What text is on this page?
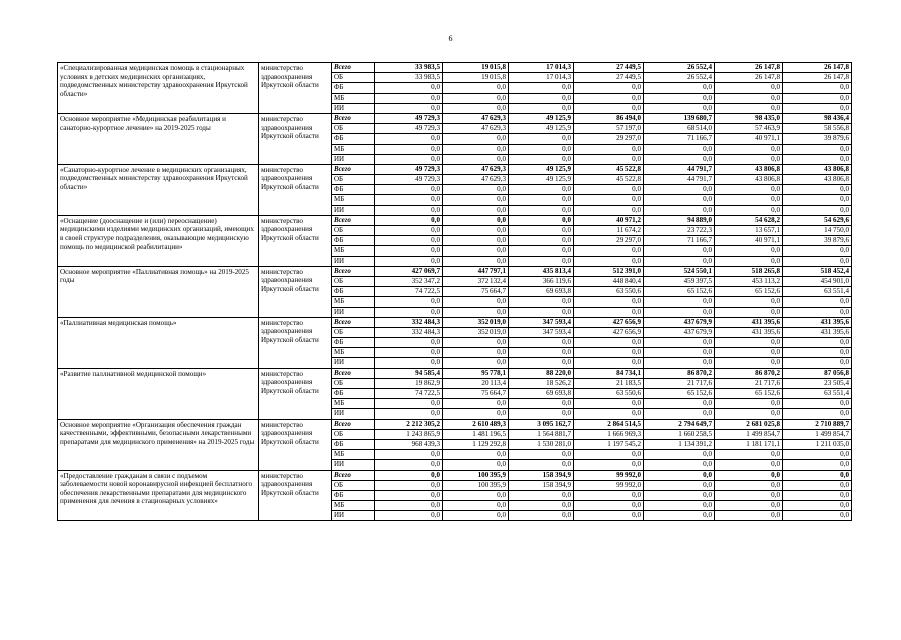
6
«Специализированная медицинская помощь в стационарных условиях в детских медицинских организациях, подведомственных министерству здравоохранения Иркутской области»	министерство здравоохранения Иркутской области	Всего	33 983,5	19 015,8	17 014,3	27 449,5	26 552,4	26 147,8	26 147,8
		ОБ	33 983,5	19 015,8	17 014,3	27 449,5	26 552,4	26 147,8	26 147,8
		ФБ	0,0	0,0	0,0	0,0	0,0	0,0	0,0
		МБ	0,0	0,0	0,0	0,0	0,0	0,0	0,0
		ИИ	0,0	0,0	0,0	0,0	0,0	0,0	0,0
Основное мероприятие «Медицинская реабилитация и санаторно-курортное лечение» на 2019-2025 годы	министерство здравоохранения Иркутской области	Всего	49 729,3	47 629,3	49 125,9	86 494,0	139 680,7	98 435,0	98 436,4
		ОБ	49 729,3	47 629,3	49 125,9	57 197,0	68 514,0	57 463,9	58 556,8
		ФБ	0,0	0,0	0,0	29 297,0	71 166,7	40 971,1	39 879,6
		МБ	0,0	0,0	0,0	0,0	0,0	0,0	0,0
		ИИ	0,0	0,0	0,0	0,0	0,0	0,0	0,0
«Санаторно-курортное лечение в медицинских организациях, подведомственных министерству здравоохранения Иркутской области»	министерство здравоохранения Иркутской области	Всего	49 729,3	47 629,3	49 125,9	45 522,8	44 791,7	43 806,8	43 806,8
		ОБ	49 729,3	47 629,3	49 125,9	45 522,8	44 791,7	43 806,8	43 806,8
		ФБ	0,0	0,0	0,0	0,0	0,0	0,0	0,0
		МБ	0,0	0,0	0,0	0,0	0,0	0,0	0,0
		ИИ	0,0	0,0	0,0	0,0	0,0	0,0	0,0
«Оснащение (дооснащение и (или) переоснащение) медицинскими изделиями медицинских организаций, имеющих в своей структуре подразделения, оказывающие медицинскую помощь по медицинской реабилитации»	министерство здравоохранения Иркутской области	Всего	0,0	0,0	0,0	40 971,2	94 889,0	54 628,2	54 629,6
		ОБ	0,0	0,0	0,0	11 674,2	23 722,3	13 657,1	14 750,0
		ФБ	0,0	0,0	0,0	29 297,0	71 166,7	40 971,1	39 879,6
		МБ	0,0	0,0	0,0	0,0	0,0	0,0	0,0
		ИИ	0,0	0,0	0,0	0,0	0,0	0,0	0,0
Основное мероприятие «Паллиативная помощь» на 2019-2025 годы	министерство здравоохранения Иркутской области	Всего	427 069,7	447 797,1	435 813,4	512 391,0	524 550,1	518 265,8	518 452,4
		ОБ	352 347,2	372 132,4	366 119,6	448 840,4	459 397,5	453 113,2	454 901,0
		ФБ	74 722,5	75 664,7	69 693,8	63 550,6	65 152,6	65 152,6	63 551,4
		МБ	0,0	0,0	0,0	0,0	0,0	0,0	0,0
		ИИ	0,0	0,0	0,0	0,0	0,0	0,0	0,0
«Паллиативная медицинская помощь»	министерство здравоохранения Иркутской области	Всего	332 484,3	352 019,0	347 593,4	427 656,9	437 679,9	431 395,6	431 395,6
		ОБ	332 484,3	352 019,0	347 593,4	427 656,9	437 679,9	431 395,6	431 395,6
		ФБ	0,0	0,0	0,0	0,0	0,0	0,0	0,0
		МБ	0,0	0,0	0,0	0,0	0,0	0,0	0,0
		ИИ	0,0	0,0	0,0	0,0	0,0	0,0	0,0
«Развитие паллиативной медицинской помощи»	министерство здравоохранения Иркутской области	Всего	94 585,4	95 778,1	88 220,0	84 734,1	86 870,2	86 870,2	87 056,8
		ОБ	19 862,9	20 113,4	18 526,2	21 183,5	21 717,6	21 717,6	23 505,4
		ФБ	74 722,5	75 664,7	69 693,8	63 550,6	65 152,6	65 152,6	63 551,4
		МБ	0,0	0,0	0,0	0,0	0,0	0,0	0,0
		ИИ	0,0	0,0	0,0	0,0	0,0	0,0	0,0
Основное мероприятие «Организация обеспечения граждан качественными, эффективными, безопасными лекарственными препаратами для медицинского применения» на 2019-2025 годы	министерство здравоохранения Иркутской области	Всего	2 212 305,2	2 610 489,3	3 095 162,7	2 864 514,5	2 794 649,7	2 681 025,8	2 710 889,7
		ОБ	1 243 865,9	1 481 196,5	1 564 881,7	1 666 969,3	1 660 258,5	1 499 854,7	1 499 854,7
		ФБ	968 439,3	1 129 292,8	1 530 281,0	1 197 545,2	1 134 391,2	1 181 171,1	1 211 035,0
		МБ	0,0	0,0	0,0	0,0	0,0	0,0	0,0
		ИИ	0,0	0,0	0,0	0,0	0,0	0,0	0,0
«Предоставление гражданам в связи с подъемом заболеваемости новой коронавирусной инфекцией бесплатного обеспечения лекарственными препаратами для медицинского применения для лечения в стационарных условиях»	министерство здравоохранения Иркутской области	Всего	0,0	100 395,9	158 394,9	99 992,0	0,0	0,0	0,0
		ОБ	0,0	100 395,9	158 394,9	99 992,0	0,0	0,0	0,0
		ФБ	0,0	0,0	0,0	0,0	0,0	0,0	0,0
		МБ	0,0	0,0	0,0	0,0	0,0	0,0	0,0
		ИИ	0,0	0,0	0,0	0,0	0,0	0,0	0,0
